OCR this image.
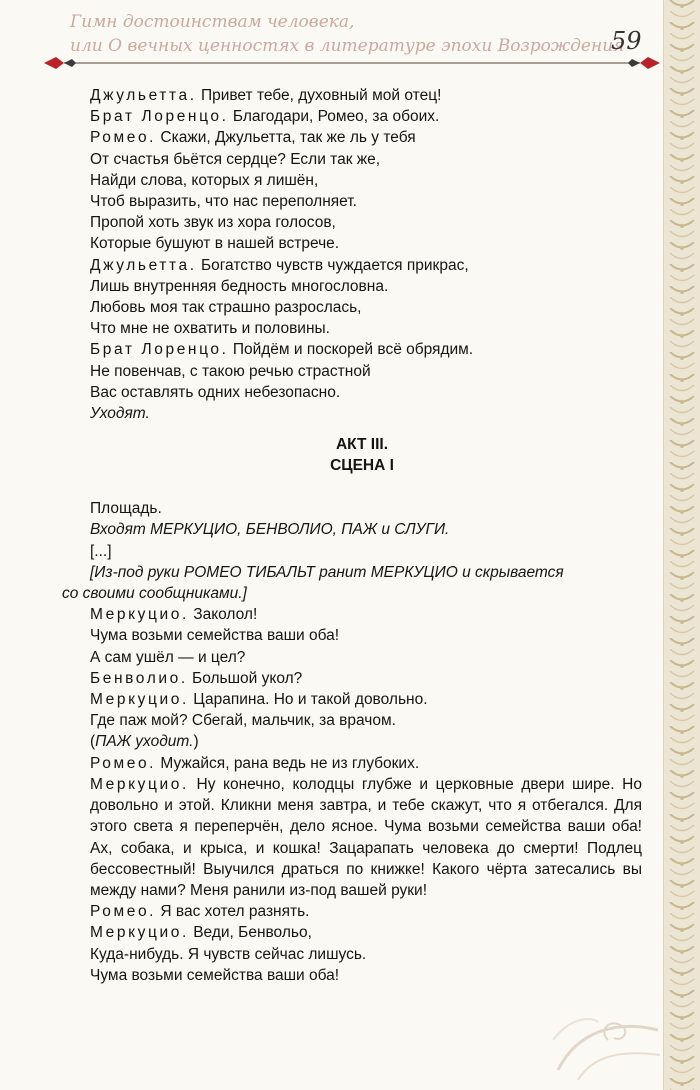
Гимн достоинствам человека,
или О вечных ценностях в литературе эпохи Возрождения
59

Джульетта. Привет тебе, духовный мой отец!

Брат Лоренцо. Благодари, Ромео, за обоих.

Ромео. Скажи, Джульетта, так же ль у тебя

От счастья бьётся сердце? Если так же,

Найди слова, которых я лишён,

Чтоб выразить, что нас переполняет.

Пропой хоть звук из хора голосов,

Которые бушуют в нашей встрече.

Джульетта. Богатство чувств чуждается прикрас,

Лишь внутренняя бедность многословна.

Любовь моя так страшно разрослась,

Что мне не охватить и половины.

Брат Лоренцо. Пойдём и поскорей всё обрядим.

Не повенчав, с такою речью страстной

Вас оставлять одних небезопасно.

Уходят.

АКТ III.

СЦЕНА I

Площадь.

Входят МЕРКУЦИО, БЕНВОЛИО, ПАЖ и СЛУГИ.

[...]

[Из-под руки РОМЕО ТИБАЛЬТ ранит МЕРКУЦИО и скрывается

со своими сообщниками.]

Меркуцио. Заколол!

Чума возьми семейства ваши оба!

А сам ушёл — и цел?

Бенволио. Большой укол?

Меркуцио. Царапина. Но и такой довольно.

Где паж мой? Сбегай, мальчик, за врачом.

(ПАЖ уходит.)

Ромео. Мужайся, рана ведь не из глубоких.

Меркуцио. Ну конечно, колодцы глубже и церковные двери шире. Но довольно и этой. Кликни меня завтра, и тебе скажут, что я отбегался. Для этого света я переперчён, дело ясное. Чума возьми семейства ваши оба! Ах, собака, и крыса, и кошка! Зацарапать человека до смерти! Подлец бессовестный! Выучился драться по книжке! Какого чёрта затесались вы между нами? Меня ранили из-под вашей руки!

Ромео. Я вас хотел разнять.

Меркуцио. Веди, Бенвольо,

Куда-нибудь. Я чувств сейчас лишусь.

Чума возьми семейства ваши оба!
